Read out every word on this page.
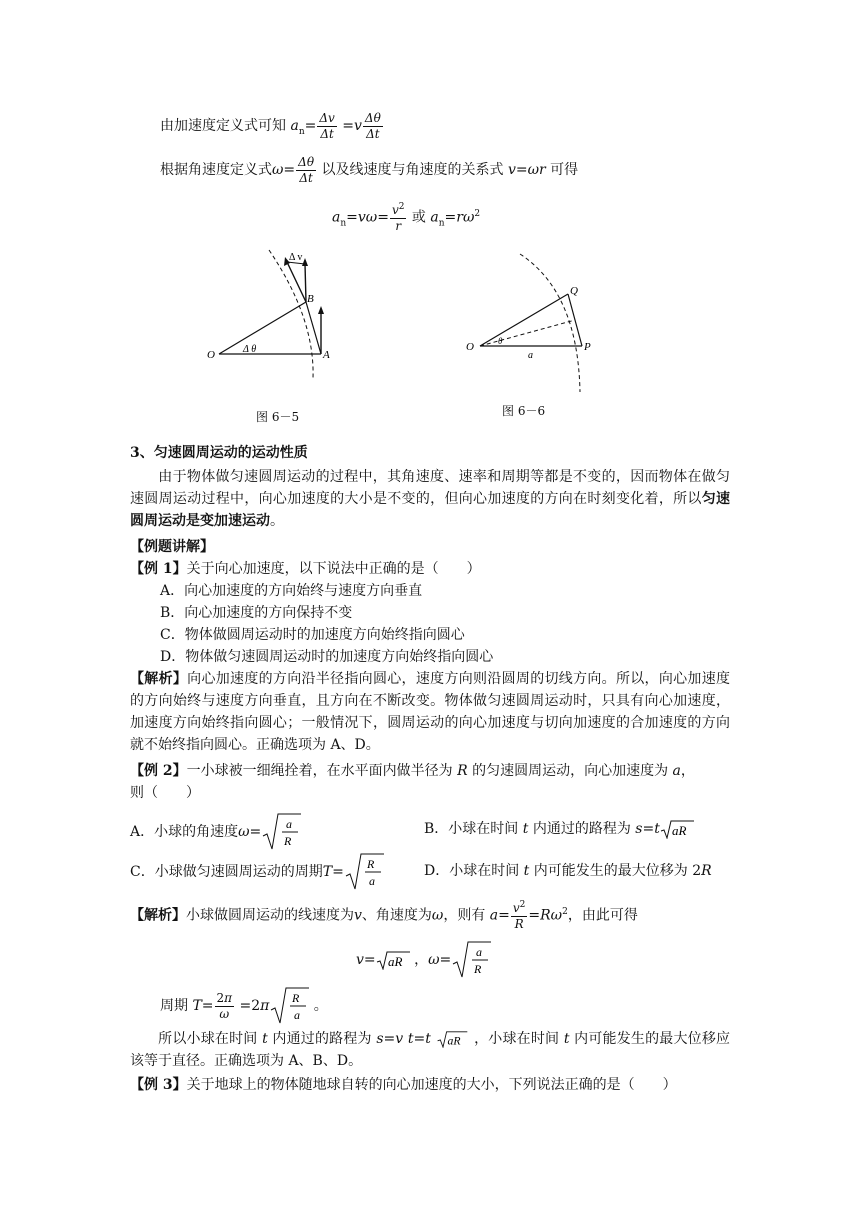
由加速度定义式可知 $a_n= \frac{\Delta v}{\Delta t} =v \frac{\Delta\theta}{\Delta t}$
根据角速度定义式$\omega= \frac{\Delta\theta}{\Delta t}$ 以及线速度与角速度的关系式 v=ωr 可得
$a_n=v\omega= \frac{v^2}{r}$ 或 $a_n=r\omega^2$
O	A
B
Δ v
Δ θ
图 6－5
O	P
Q
a
θ
图 6－6
3、匀速圆周运动的运动性质
由于物体做匀速圆周运动的过程中，其角速度、速率和周期等都是不变的，因而物体在做匀速圆周运动过程中，向心加速度的大小是不变的，但向心加速度的方向在时刻变化着，所以匀速圆周运动是变加速运动。
【例题讲解】
【例 1】关于向心加速度，以下说法中正确的是（　　）
A．向心加速度的方向始终与速度方向垂直
B．向心加速度的方向保持不变
C．物体做圆周运动时的加速度方向始终指向圆心
D．物体做匀速圆周运动时的加速度方向始终指向圆心
【解析】向心加速度的方向沿半径指向圆心，速度方向则沿圆周的切线方向。所以，向心加速度的方向始终与速度方向垂直，且方向在不断改变。物体做匀速圆周运动时，只具有向心加速度，加速度方向始终指向圆心；一般情况下，圆周运动的向心加速度与切向加速度的合加速度的方向就不始终指向圆心。正确选项为 A、D。
【例 2】一小球被一细绳拴着，在水平面内做半径为 R 的匀速圆周运动，向心加速度为 a，
则（　　）
A．小球的角速度ω= a
R
B．小球在时间 t 内通过的路程为 s=t aR
C．小球做匀速圆周运动的周期T= R
a
D．小球在时间 t 内可能发生的最大位移为 2R
【解析】小球做圆周运动的线速度为v、角速度为ω，则有 $a= \frac{v^2}{R} =R\omega^2$，由此可得
v= aR ，ω= a
R
周期 $T= \frac{2\pi}{\omega} =2\pi$ R
a
。
所以小球在时间 t 内通过的路程为 s=v t=t aR ，小球在时间 t 内可能发生的最大位移应该等于直径。正确选项为 A、B、D。
【例 3】关于地球上的物体随地球自转的向心加速度的大小，下列说法正确的是（　　）
